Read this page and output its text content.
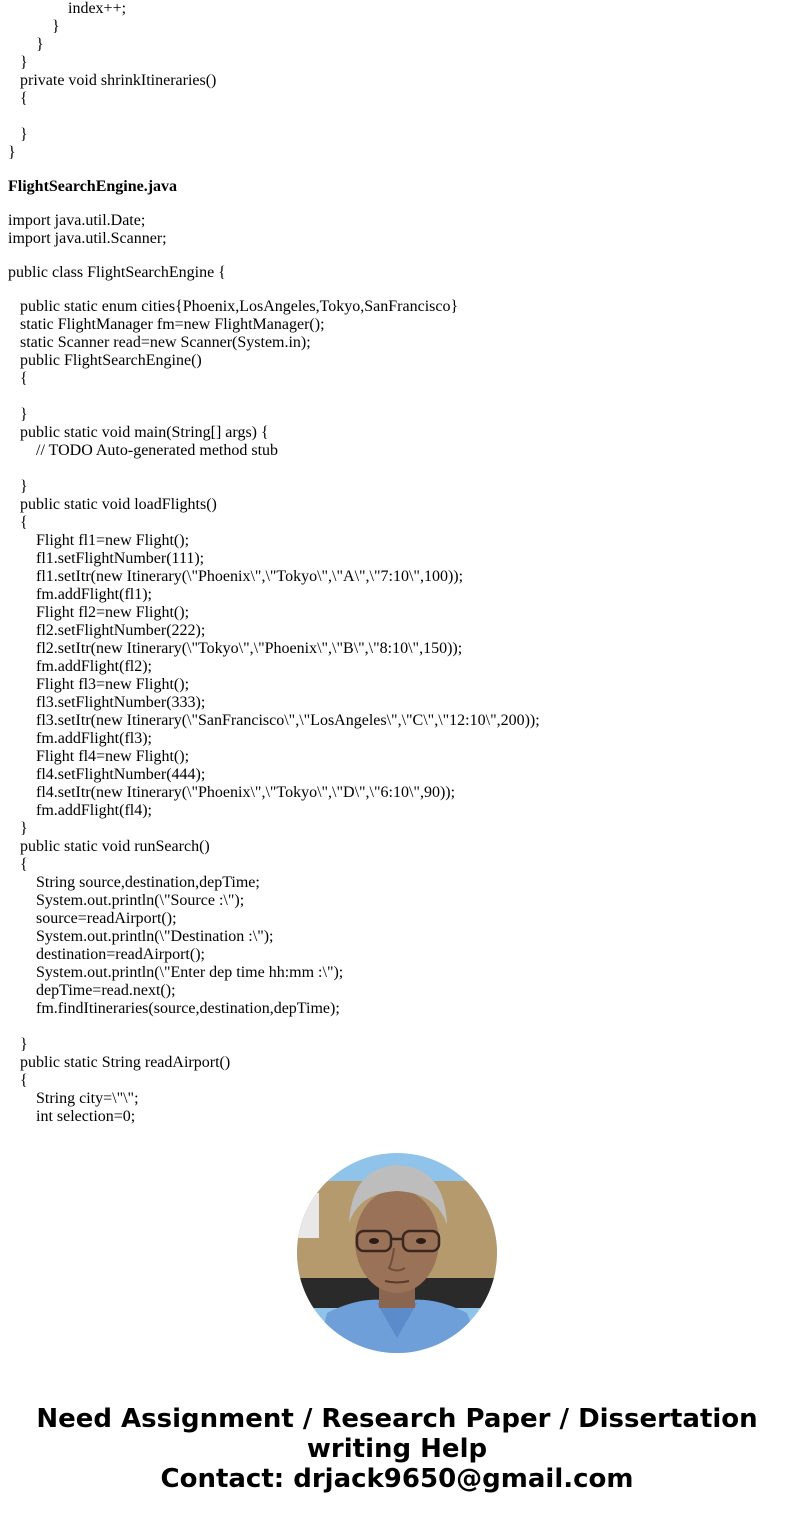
index++;
}
}
}
private void shrinkItineraries()
{
}
}
FlightSearchEngine.java
import java.util.Date;
import java.util.Scanner;
public class FlightSearchEngine {
public static enum cities{Phoenix,LosAngeles,Tokyo,SanFrancisco}
static FlightManager fm=new FlightManager();
static Scanner read=new Scanner(System.in);
public FlightSearchEngine()
{
}
public static void main(String[] args) {
// TODO Auto-generated method stub
}
public static void loadFlights()
{
Flight fl1=new Flight();
fl1.setFlightNumber(111);
fl1.setItr(new Itinerary(\"Phoenix\",\"Tokyo\",\"A\",\"7:10\",100));
fm.addFlight(fl1);
Flight fl2=new Flight();
fl2.setFlightNumber(222);
fl2.setItr(new Itinerary(\"Tokyo\",\"Phoenix\",\"B\",\"8:10\",150));
fm.addFlight(fl2);
Flight fl3=new Flight();
fl3.setFlightNumber(333);
fl3.setItr(new Itinerary(\"SanFrancisco\",\"LosAngeles\",\"C\",\"12:10\",200));
fm.addFlight(fl3);
Flight fl4=new Flight();
fl4.setFlightNumber(444);
fl4.setItr(new Itinerary(\"Phoenix\",\"Tokyo\",\"D\",\"6:10\",90));
fm.addFlight(fl4);
}
public static void runSearch()
{
String source,destination,depTime;
System.out.println(\"Source :\");
source=readAirport();
System.out.println(\"Destination :\");
destination=readAirport();
System.out.println(\"Enter dep time hh:mm :\");
depTime=read.next();
fm.findItineraries(source,destination,depTime);
}
public static String readAirport()
{
String city=\"\";
int selection=0;
Need Assignment / Research Paper / Dissertation
writing Help
Contact: drjack9650@gmail.com
